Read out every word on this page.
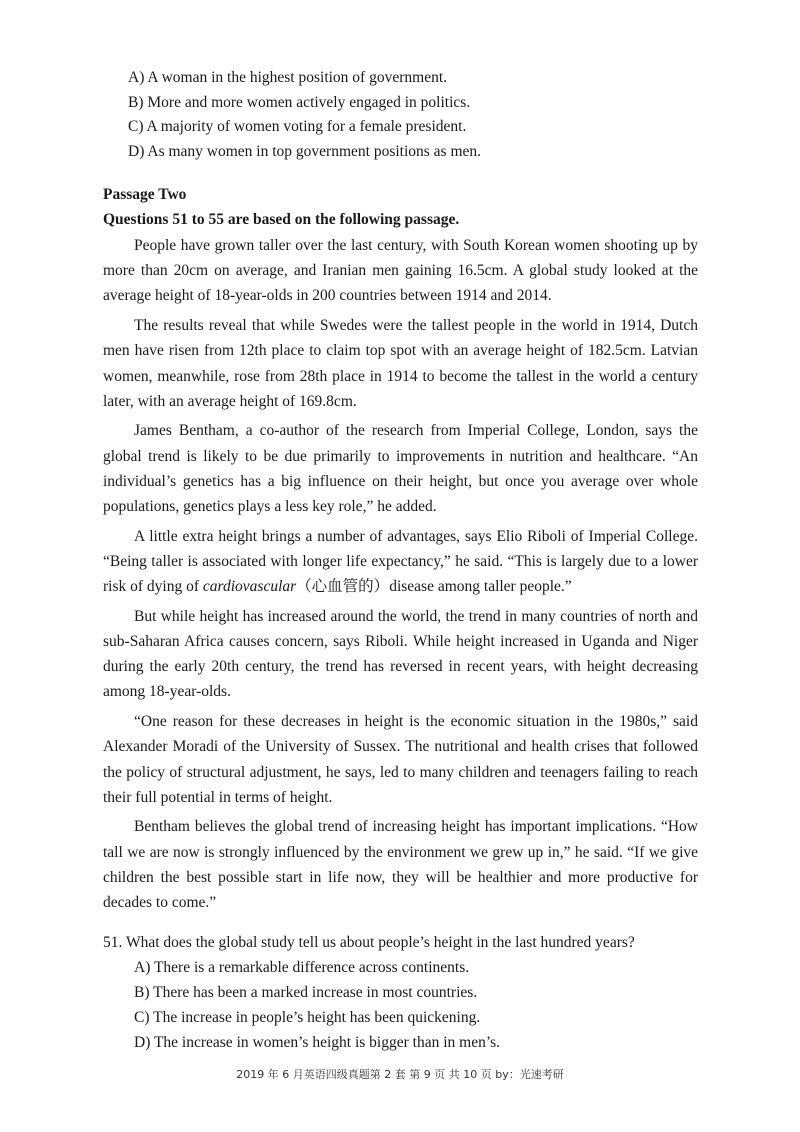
A) A woman in the highest position of government.
B) More and more women actively engaged in politics.
C) A majority of women voting for a female president.
D) As many women in top government positions as men.
Passage Two
Questions 51 to 55 are based on the following passage.

People have grown taller over the last century, with South Korean women shooting up by more than 20cm on average, and Iranian men gaining 16.5cm. A global study looked at the average height of 18-year-olds in 200 countries between 1914 and 2014.

The results reveal that while Swedes were the tallest people in the world in 1914, Dutch men have risen from 12th place to claim top spot with an average height of 182.5cm. Latvian women, meanwhile, rose from 28th place in 1914 to become the tallest in the world a century later, with an average height of 169.8cm.

James Bentham, a co-author of the research from Imperial College, London, says the global trend is likely to be due primarily to improvements in nutrition and healthcare. “An individual’s genetics has a big influence on their height, but once you average over whole populations, genetics plays a less key role,” he added.

A little extra height brings a number of advantages, says Elio Riboli of Imperial College. “Being taller is associated with longer life expectancy,” he said. “This is largely due to a lower risk of dying of cardiovascular（心血管的）disease among taller people.”

But while height has increased around the world, the trend in many countries of north and sub-Saharan Africa causes concern, says Riboli. While height increased in Uganda and Niger during the early 20th century, the trend has reversed in recent years, with height decreasing among 18-year-olds.

“One reason for these decreases in height is the economic situation in the 1980s,” said Alexander Moradi of the University of Sussex. The nutritional and health crises that followed the policy of structural adjustment, he says, led to many children and teenagers failing to reach their full potential in terms of height.

Bentham believes the global trend of increasing height has important implications. “How tall we are now is strongly influenced by the environment we grew up in,” he said. “If we give children the best possible start in life now, they will be healthier and more productive for decades to come.”

51. What does the global study tell us about people’s height in the last hundred years?
A) There is a remarkable difference across continents.
B) There has been a marked increase in most countries.
C) The increase in people’s height has been quickening.
D) The increase in women’s height is bigger than in men’s.
2019 年 6 月英语四级真题第 2 套 第 9 页 共 10 页 by：光速考研
